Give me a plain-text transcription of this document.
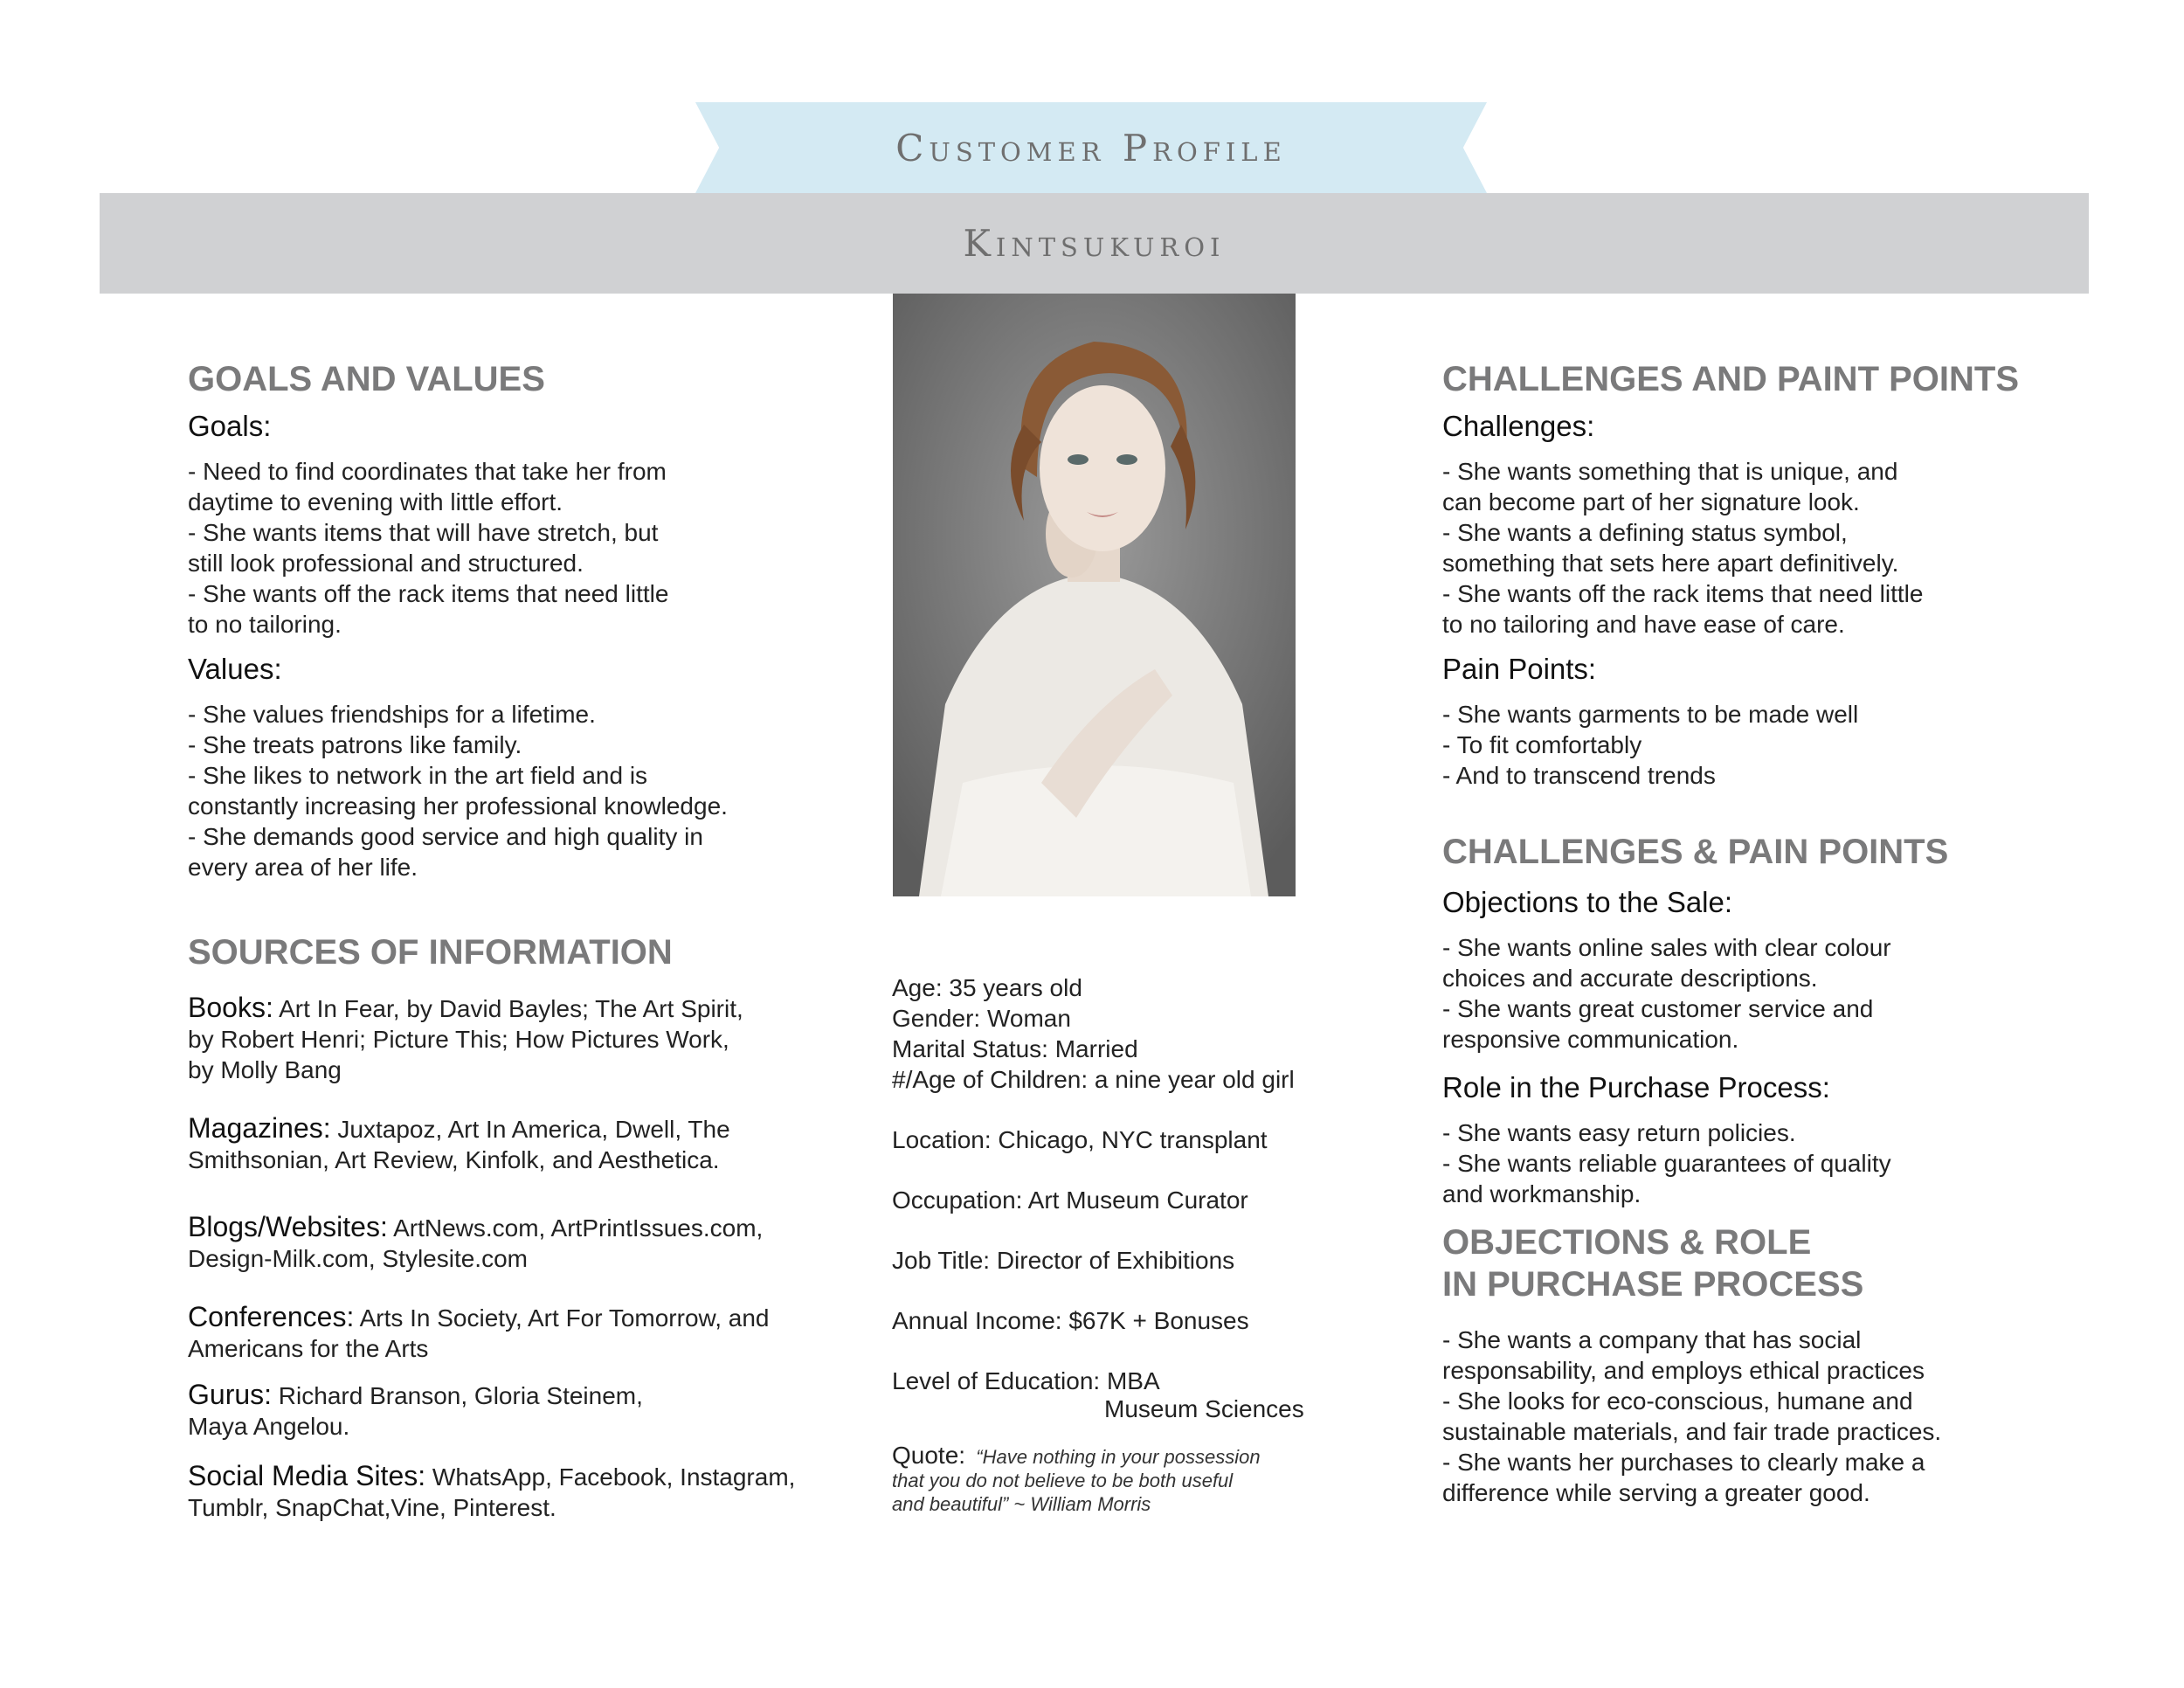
Customer Profile
Kintsukuroi
GOALS AND VALUES
Goals:
- Need to find coordinates that take her from
daytime to evening with little effort.
- She wants items that will have stretch, but
still look professional and structured.
- She wants off the rack items that need little
to no tailoring.
Values:
- She values friendships for a lifetime.
- She treats patrons like family.
- She likes to network in the art field and is
constantly increasing her professional knowledge.
- She demands good service and high quality in
every area of her life.
SOURCES OF INFORMATION
Books: Art In Fear, by David Bayles; The Art Spirit,
by Robert Henri; Picture This; How Pictures Work,
by Molly Bang
Magazines: Juxtapoz, Art In America, Dwell, The
Smithsonian, Art Review, Kinfolk, and Aesthetica.
Blogs/Websites: ArtNews.com, ArtPrintIssues.com,
Design-Milk.com, Stylesite.com
Conferences: Arts In Society, Art For Tomorrow, and
Americans for the Arts
Gurus: Richard Branson, Gloria Steinem,
Maya Angelou.
Social Media Sites: WhatsApp, Facebook, Instagram,
Tumblr, SnapChat,Vine, Pinterest.
Age: 35 years old
Gender: Woman
Marital Status: Married
#/Age of Children: a nine year old girl
Location: Chicago, NYC transplant
Occupation: Art Museum Curator
Job Title: Director of Exhibitions
Annual Income: $67K + Bonuses
Level of Education: MBA
Museum Sciences
Quote: “Have nothing in your possession
that you do not believe to be both useful
and beautiful” ~ William Morris
CHALLENGES AND PAINT POINTS
Challenges:
- She wants something that is unique, and
can become part of her signature look.
- She wants a defining status symbol,
something that sets here apart definitively.
- She wants off the rack items that need little
to no tailoring and have ease of care.
Pain Points:
- She wants garments to be made well
- To fit comfortably
- And to transcend trends
CHALLENGES & PAIN POINTS
Objections to the Sale:
- She wants online sales with clear colour
choices and accurate descriptions.
- She wants great customer service and
responsive communication.
Role in the Purchase Process:
- She wants easy return policies.
- She wants reliable guarantees of quality
and workmanship.
OBJECTIONS & ROLE
IN PURCHASE PROCESS
- She wants a company that has social
responsability, and employs ethical practices
- She looks for eco-conscious, humane and
sustainable materials, and fair trade practices.
- She wants her purchases to clearly make a
difference while serving a greater good.
